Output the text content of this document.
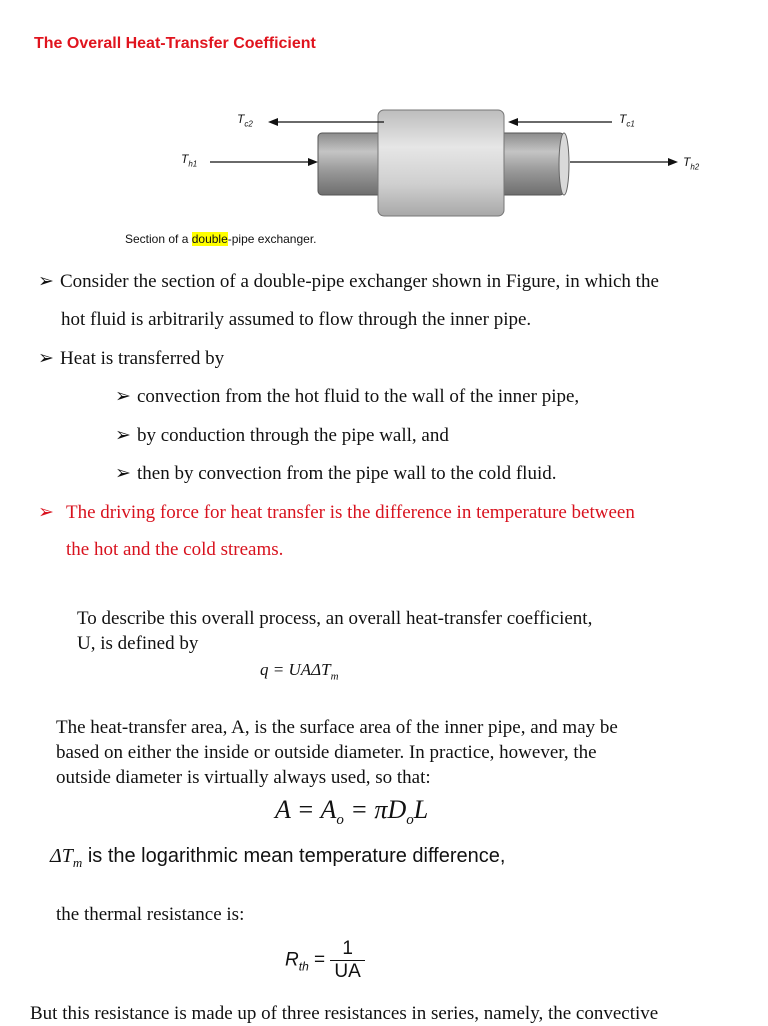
The Overall Heat-Transfer Coefficient
$T_{c2}$	$T_{c1}$
$T_{h1}$	$T_{h2}$
Section of a double-pipe exchanger.
➢ Consider the section of a double-pipe exchanger shown in Figure, in which the
hot fluid is arbitrarily assumed to flow through the inner pipe.
➢ Heat is transferred by
➢ convection from the hot fluid to the wall of the inner pipe,
➢ by conduction through the pipe wall, and
➢ then by convection from the pipe wall to the cold fluid.
➢ The driving force for heat transfer is the difference in temperature between
the hot and the cold streams.
To describe this overall process, an overall heat-transfer coefficient,
U, is defined by
$q = UA\Delta T_m$
The heat-transfer area, A, is the surface area of the inner pipe, and may be
based on either the inside or outside diameter. In practice, however, the
outside diameter is virtually always used, so that:
$A = A_o = \pi D_oL$
$\Delta T_m$ is the logarithmic mean temperature difference,
the thermal resistance is:
$R_{th} = \frac{1}{UA}$
But this resistance is made up of three resistances in series, namely, the convective
